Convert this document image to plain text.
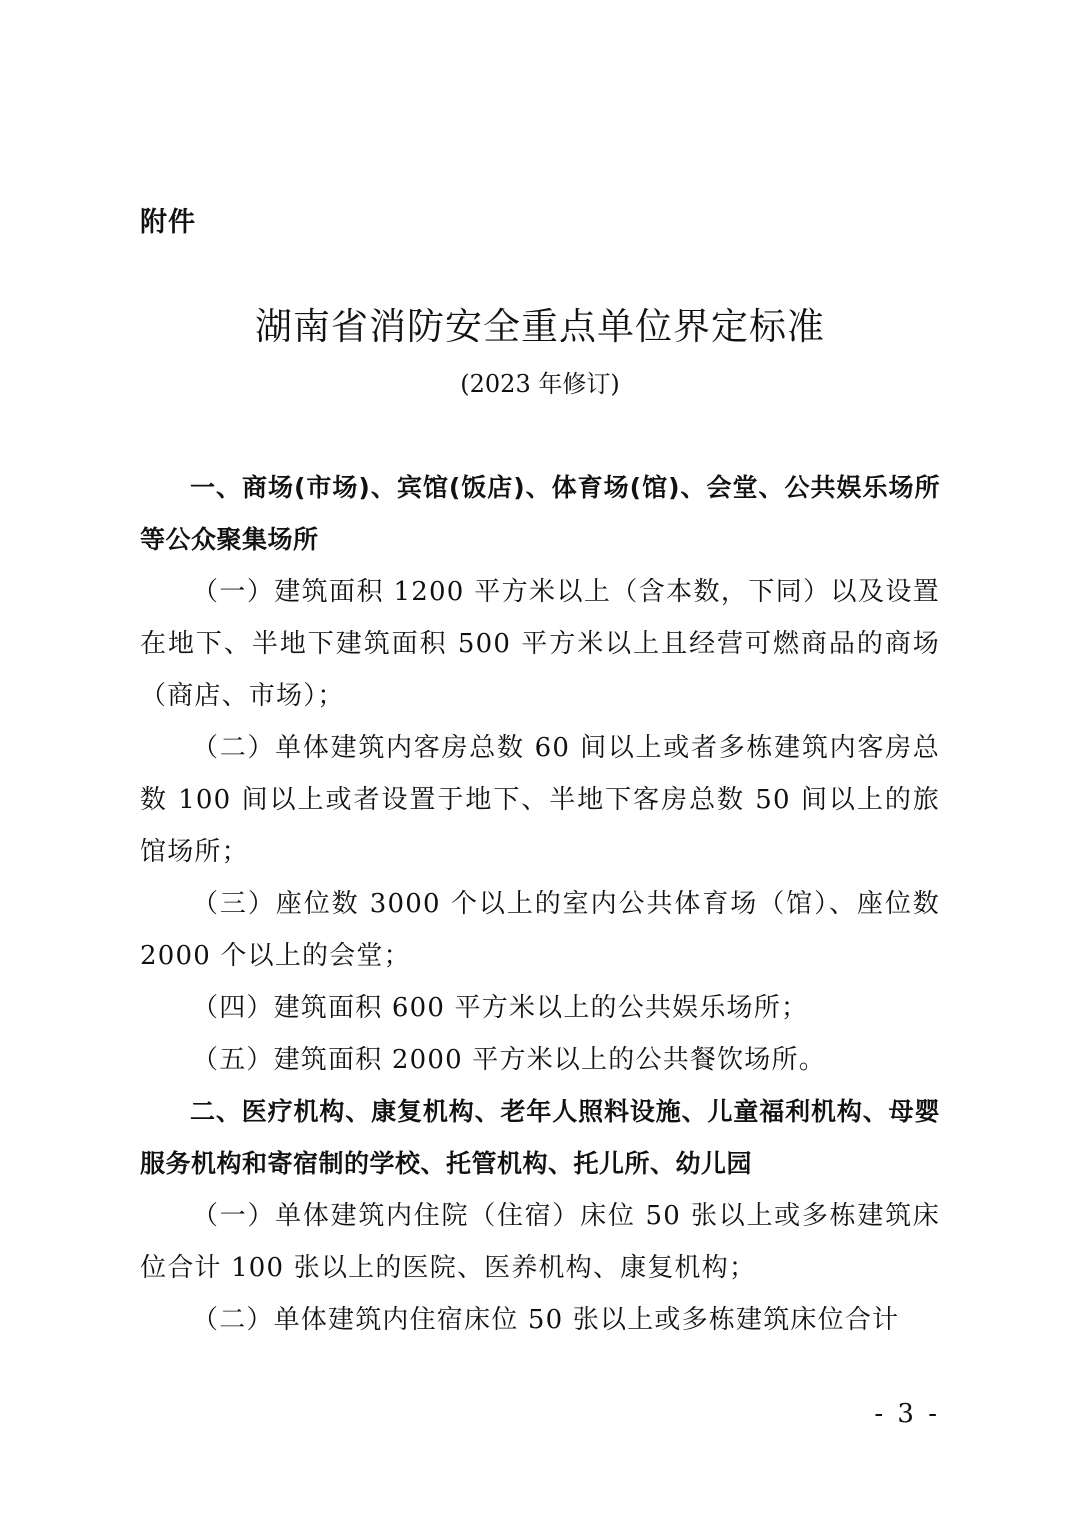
附件
湖南省消防安全重点单位界定标准
(2023 年修订)

一、商场(市场)、宾馆(饭店)、体育场(馆)、会堂、公共娱乐场所等公众聚集场所

（一）建筑面积 1200 平方米以上（含本数，下同）以及设置在地下、半地下建筑面积 500 平方米以上且经营可燃商品的商场（商店、市场）；

（二）单体建筑内客房总数 60 间以上或者多栋建筑内客房总数 100 间以上或者设置于地下、半地下客房总数 50 间以上的旅馆场所；

（三）座位数 3000 个以上的室内公共体育场（馆）、座位数 2000 个以上的会堂；

（四）建筑面积 600 平方米以上的公共娱乐场所；

（五）建筑面积 2000 平方米以上的公共餐饮场所。

二、医疗机构、康复机构、老年人照料设施、儿童福利机构、母婴服务机构和寄宿制的学校、托管机构、托儿所、幼儿园

（一）单体建筑内住院（住宿）床位 50 张以上或多栋建筑床位合计 100 张以上的医院、医养机构、康复机构；

（二）单体建筑内住宿床位 50 张以上或多栋建筑床位合计

- 3 -
